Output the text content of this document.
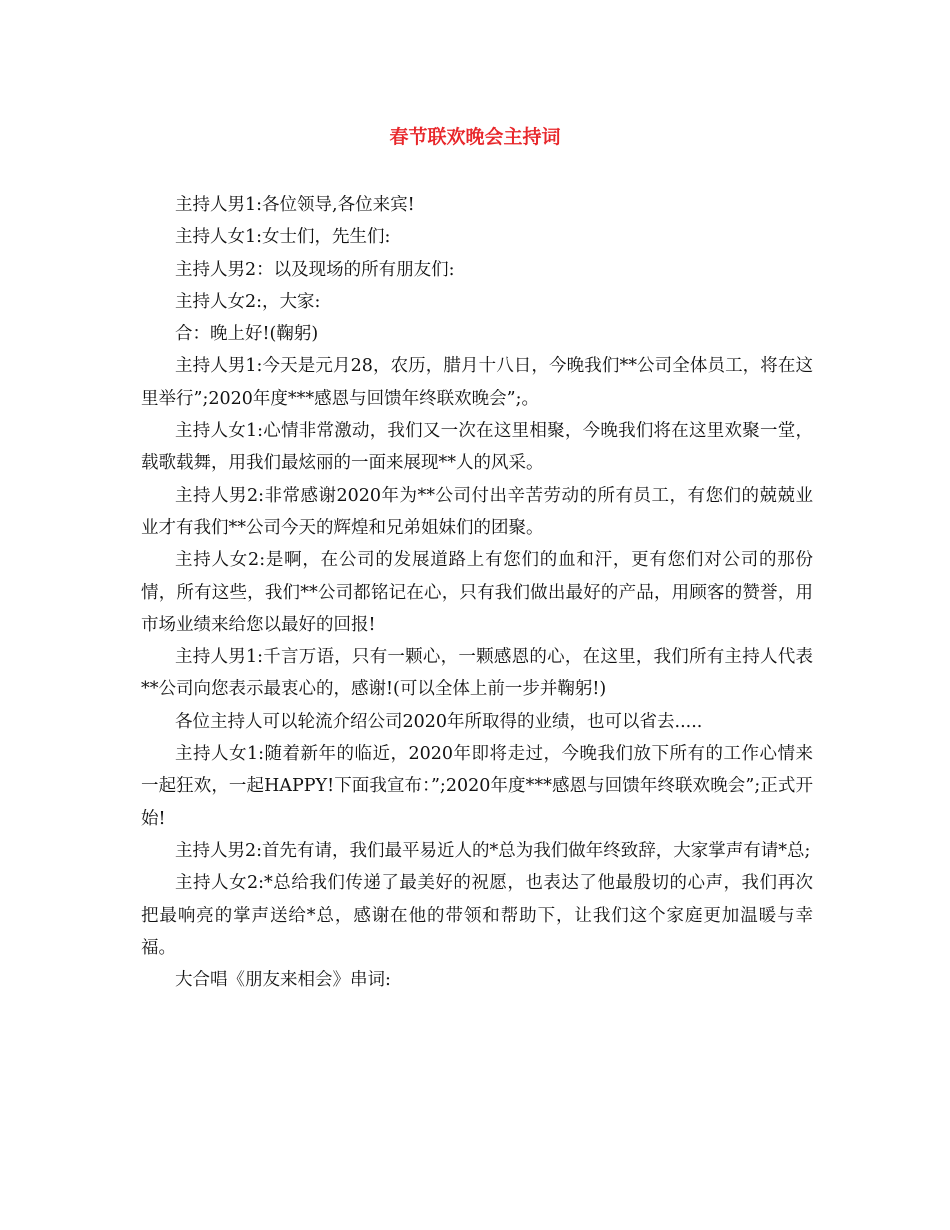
春节联欢晚会主持词

主持人男1:各位领导,各位来宾!

主持人女1:女士们，先生们:

主持人男2：以及现场的所有朋友们:

主持人女2:，大家:

合：晚上好!(鞠躬)

主持人男1:今天是元月28，农历，腊月十八日，今晚我们**公司全体员工，将在这里举行”;2020年度***感恩与回馈年终联欢晚会”;。

主持人女1:心情非常激动，我们又一次在这里相聚，今晚我们将在这里欢聚一堂，载歌载舞，用我们最炫丽的一面来展现**人的风采。

主持人男2:非常感谢2020年为**公司付出辛苦劳动的所有员工，有您们的兢兢业业才有我们**公司今天的辉煌和兄弟姐妹们的团聚。

主持人女2:是啊，在公司的发展道路上有您们的血和汗，更有您们对公司的那份情，所有这些，我们**公司都铭记在心，只有我们做出最好的产品，用顾客的赞誉，用市场业绩来给您以最好的回报!

主持人男1:千言万语，只有一颗心，一颗感恩的心，在这里，我们所有主持人代表**公司向您表示最衷心的，感谢!(可以全体上前一步并鞠躬!)

各位主持人可以轮流介绍公司2020年所取得的业绩，也可以省去.....

主持人女1:随着新年的临近，2020年即将走过，今晚我们放下所有的工作心情来一起狂欢，一起HAPPY!下面我宣布：”;2020年度***感恩与回馈年终联欢晚会”;正式开始!

主持人男2:首先有请，我们最平易近人的*总为我们做年终致辞，大家掌声有请*总;

主持人女2:*总给我们传递了最美好的祝愿，也表达了他最殷切的心声，我们再次把最响亮的掌声送给*总，感谢在他的带领和帮助下，让我们这个家庭更加温暖与幸福。

大合唱《朋友来相会》串词:
